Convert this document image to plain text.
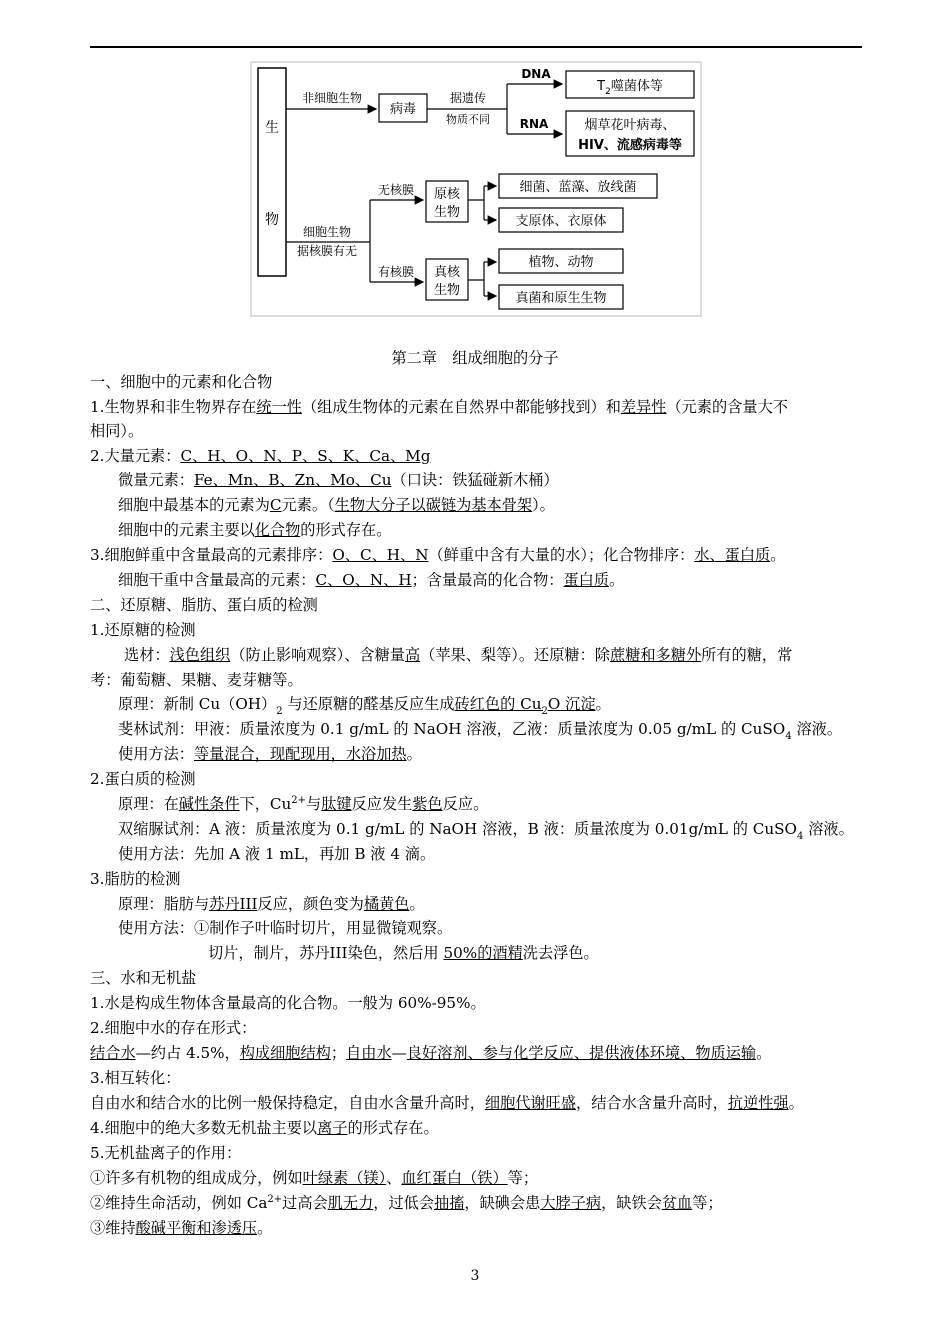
生
物
非细胞生物
病毒
据遗传
物质不同
DNA
RNA
$T_2$噬菌体等
烟草花叶病毒、
HIV、流感病毒等
细胞生物
据核膜有无
无核膜
有核膜
原核
生物
细菌、蓝藻、放线菌
支原体、衣原体
真核
生物
植物、动物
真菌和原生生物
第二章　组成细胞的分子
一、细胞中的元素和化合物
1.生物界和非生物界存在统一性（组成生物体的元素在自然界中都能够找到）和差异性（元素的含量大不
相同）。
2.大量元素：C、H、O、N、P、S、K、Ca、Mg
微量元素：Fe、Mn、B、Zn、Mo、Cu（口诀：铁猛碰新木桶）
细胞中最基本的元素为C元素。（生物大分子以碳链为基本骨架）。
细胞中的元素主要以化合物的形式存在。
3.细胞鲜重中含量最高的元素排序：O、C、H、N（鲜重中含有大量的水）；化合物排序：水、蛋白质。
细胞干重中含量最高的元素：C、O、N、H；含量最高的化合物：蛋白质。
二、还原糖、脂肪、蛋白质的检测
1.还原糖的检测
选材：浅色组织（防止影响观察）、含糖量高（苹果、梨等）。还原糖：除蔗糖和多糖外所有的糖，常
考：葡萄糖、果糖、麦芽糖等。
原理：新制 $Cu(OH)_2$ 与还原糖的醛基反应生成砖红色的 $Cu_2O$ 沉淀。
斐林试剂：甲液：质量浓度为 0.1 g/mL 的 NaOH 溶液，乙液：质量浓度为 0.05 g/mL 的 CuSO$_4$ 溶液。
使用方法：等量混合，现配现用，水浴加热。
2.蛋白质的检测
原理：在碱性条件下，$Cu^{2+}$与肽键反应发生紫色反应。
双缩脲试剂：A 液：质量浓度为 0.1 g/mL 的 NaOH 溶液，B 液：质量浓度为 0.01g/mL 的 CuSO$_4$ 溶液。
使用方法：先加 A 液 1 mL，再加 B 液 4 滴。
3.脂肪的检测
原理：脂肪与苏丹III反应，颜色变为橘黄色。
使用方法：①制作子叶临时切片，用显微镜观察。
切片，制片，苏丹III染色，然后用 50%的酒精洗去浮色。
三、水和无机盐
1.水是构成生物体含量最高的化合物。一般为 60%-95%。
2.细胞中水的存在形式：
结合水—约占 4.5%，构成细胞结构；自由水—良好溶剂、参与化学反应、提供液体环境、物质运输。
3.相互转化：
自由水和结合水的比例一般保持稳定，自由水含量升高时，细胞代谢旺盛，结合水含量升高时，抗逆性强。
4.细胞中的绝大多数无机盐主要以离子的形式存在。
5.无机盐离子的作用：
①许多有机物的组成成分，例如叶绿素（镁）、血红蛋白（铁）等；
②维持生命活动，例如 $Ca^{2+}$过高会肌无力，过低会抽搐，缺碘会患大脖子病，缺铁会贫血等；
③维持酸碱平衡和渗透压。
3
